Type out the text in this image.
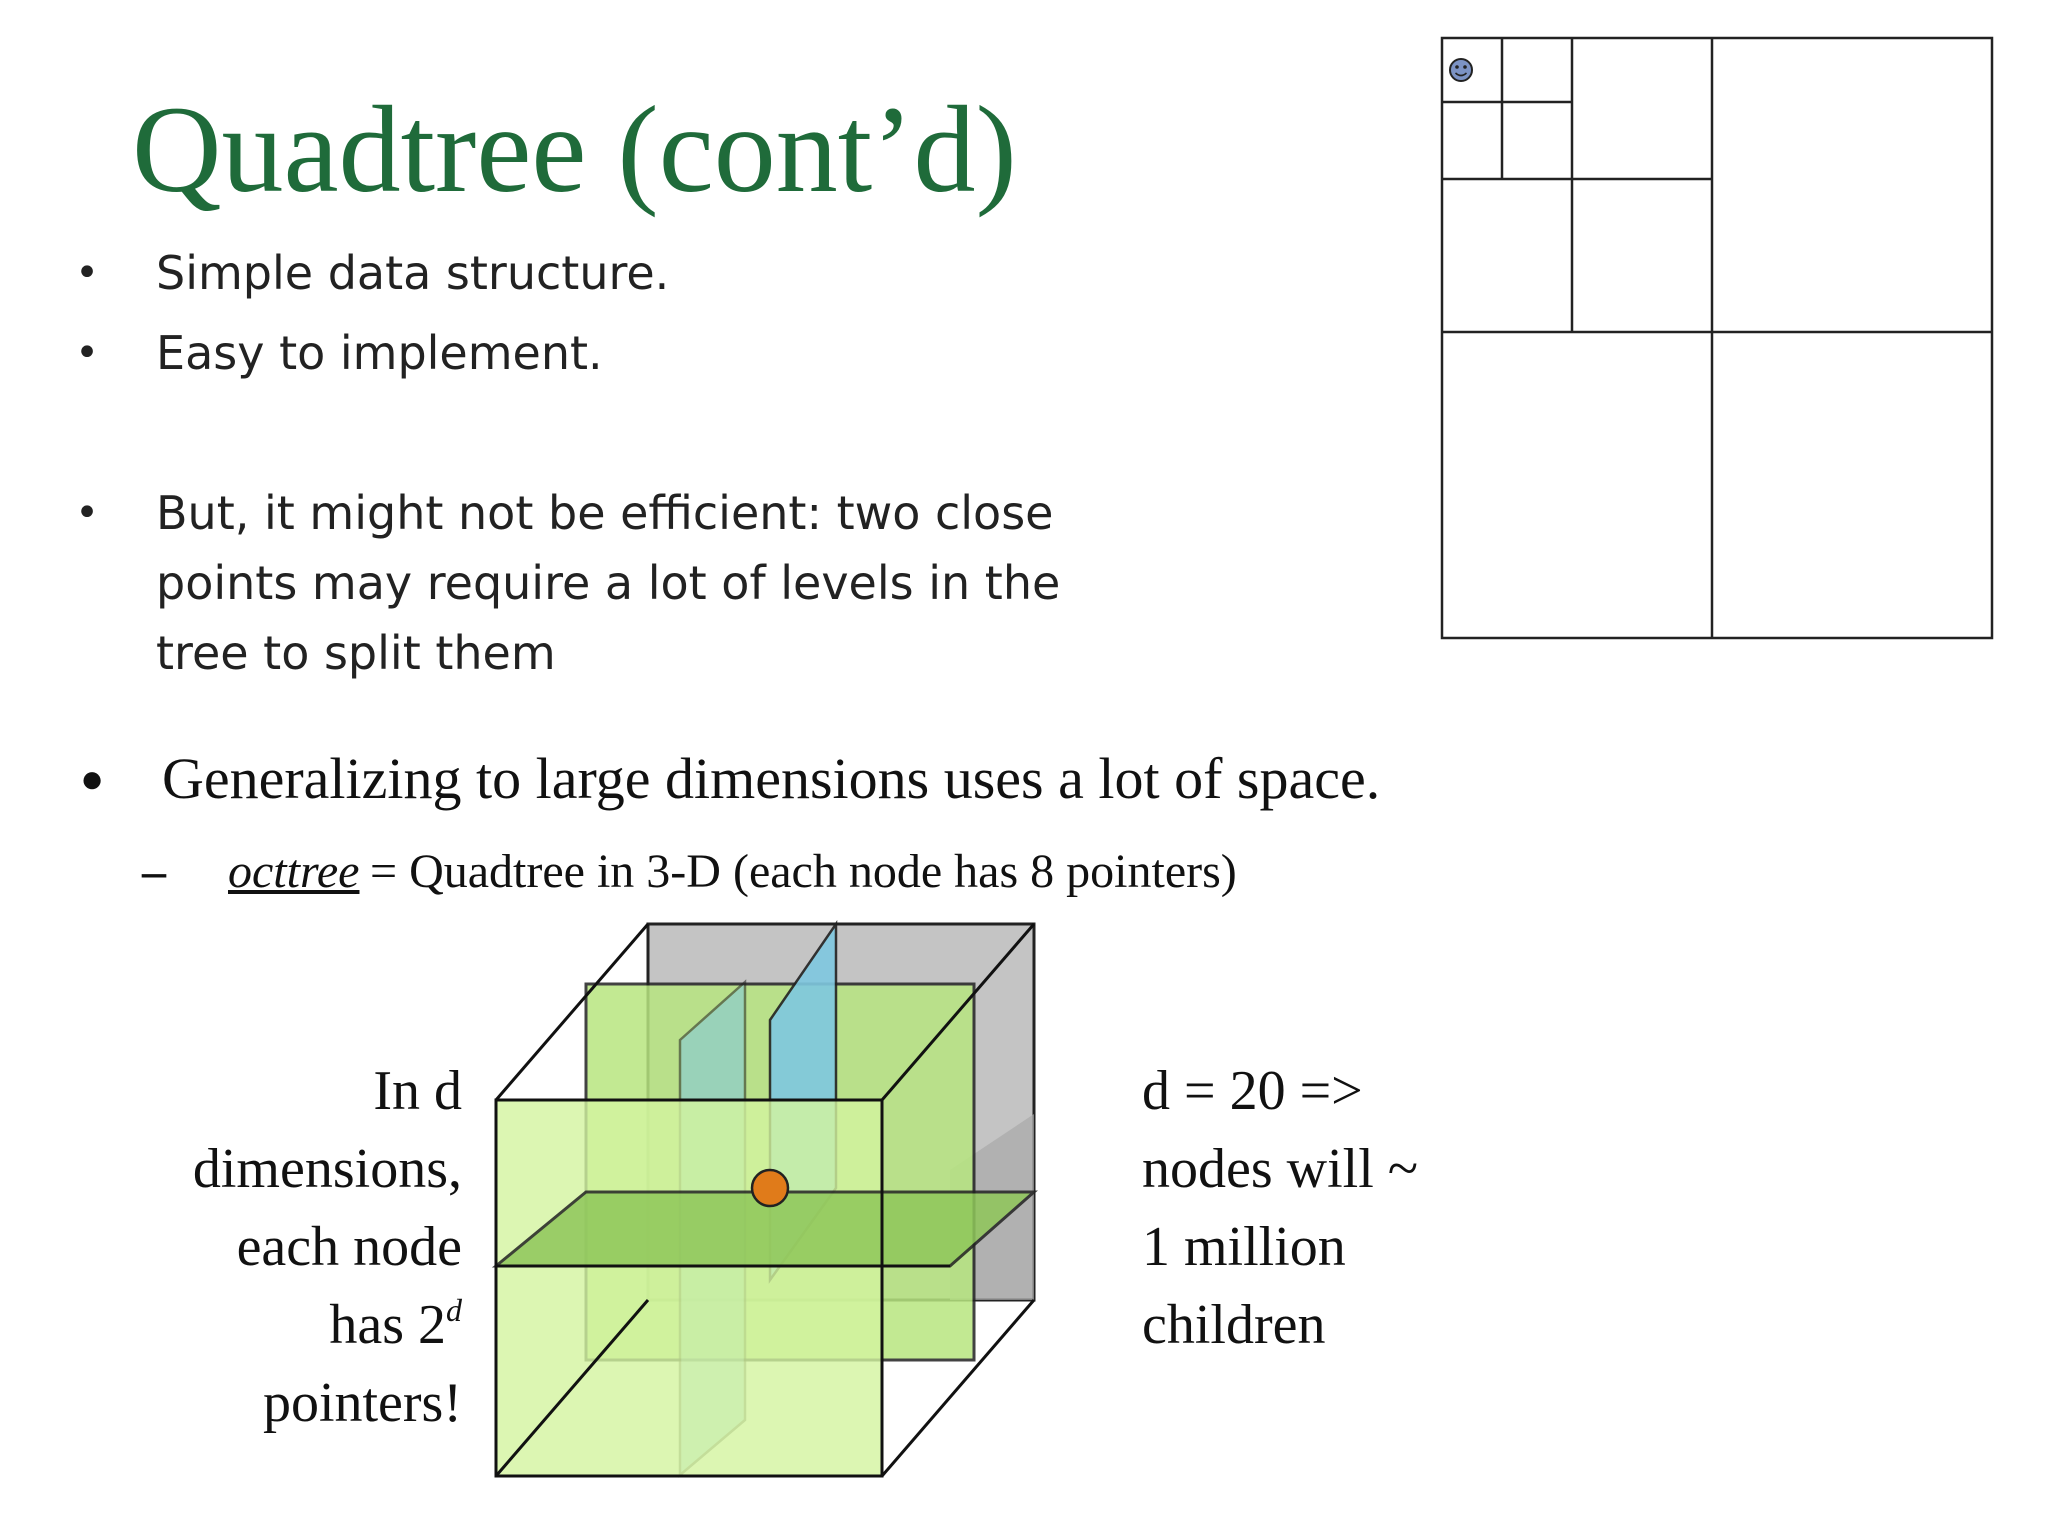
Quadtree (cont’d)
• Simple data structure.
• Easy to implement.
• But, it might not be efficient: two close
points may require a lot of levels in the
tree to split them
● Generalizing to large dimensions uses a lot of space.
– octtree = Quadtree in 3-D (each node has 8 pointers)
In d
dimensions,
each node
has 2$^d$
pointers!
d = 20 =>
nodes will ~
1 million
children
